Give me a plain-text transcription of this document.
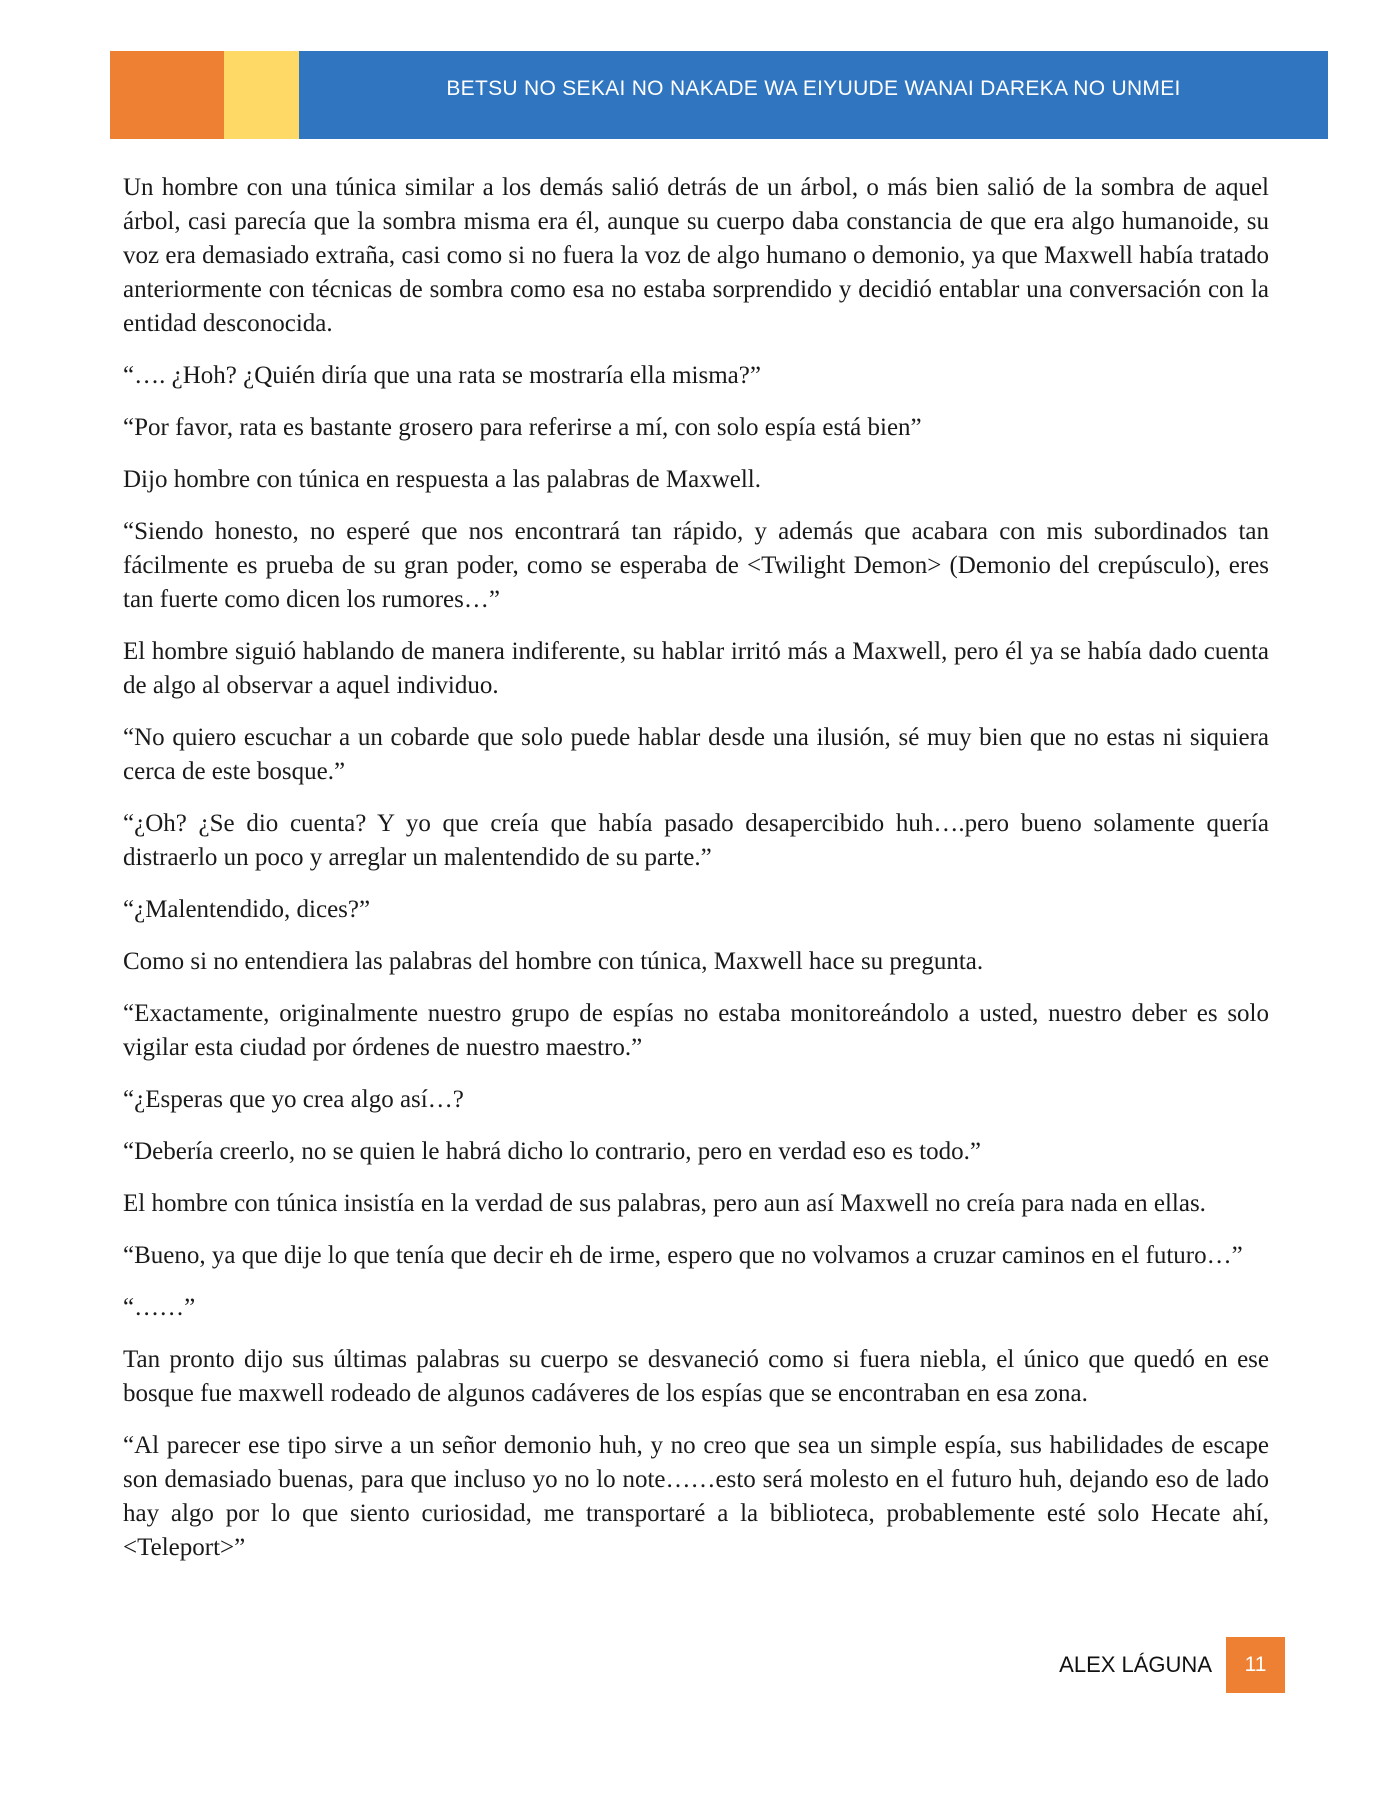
BETSU NO SEKAI NO NAKADE WA EIYUUDE WANAI DAREKA NO UNMEI

Un hombre con una túnica similar a los demás salió detrás de un árbol, o más bien salió de la sombra de aquel árbol, casi parecía que la sombra misma era él, aunque su cuerpo daba constancia de que era algo humanoide, su voz era demasiado extraña, casi como si no fuera la voz de algo humano o demonio, ya que Maxwell había tratado anteriormente con técnicas de sombra como esa no estaba sorprendido y decidió entablar una conversación con la entidad desconocida.

“…. ¿Hoh? ¿Quién diría que una rata se mostraría ella misma?”

“Por favor, rata es bastante grosero para referirse a mí, con solo espía está bien”

Dijo hombre con túnica en respuesta a las palabras de Maxwell.

“Siendo honesto, no esperé que nos encontrará tan rápido, y además que acabara con mis subordinados tan fácilmente es prueba de su gran poder, como se esperaba de <Twilight Demon> (Demonio del crepúsculo), eres tan fuerte como dicen los rumores…”

El hombre siguió hablando de manera indiferente, su hablar irritó más a Maxwell, pero él ya se había dado cuenta de algo al observar a aquel individuo.

“No quiero escuchar a un cobarde que solo puede hablar desde una ilusión, sé muy bien que no estas ni siquiera cerca de este bosque.”

“¿Oh? ¿Se dio cuenta? Y yo que creía que había pasado desapercibido huh….pero bueno solamente quería distraerlo un poco y arreglar un malentendido de su parte.”

“¿Malentendido, dices?”

Como si no entendiera las palabras del hombre con túnica, Maxwell hace su pregunta.

“Exactamente, originalmente nuestro grupo de espías no estaba monitoreándolo a usted, nuestro deber es solo vigilar esta ciudad por órdenes de nuestro maestro.”

“¿Esperas que yo crea algo así…?

“Debería creerlo, no se quien le habrá dicho lo contrario, pero en verdad eso es todo.”

El hombre con túnica insistía en la verdad de sus palabras, pero aun así Maxwell no creía para nada en ellas.

“Bueno, ya que dije lo que tenía que decir eh de irme, espero que no volvamos a cruzar caminos en el futuro…”

“……”

Tan pronto dijo sus últimas palabras su cuerpo se desvaneció como si fuera niebla, el único que quedó en ese bosque fue maxwell rodeado de algunos cadáveres de los espías que se encontraban en esa zona.

“Al parecer ese tipo sirve a un señor demonio huh, y no creo que sea un simple espía, sus habilidades de escape son demasiado buenas, para que incluso yo no lo note……esto será molesto en el futuro huh, dejando eso de lado hay algo por lo que siento curiosidad, me transportaré a la biblioteca, probablemente esté solo Hecate ahí, <Teleport>”

ALEX LÁGUNA 11
